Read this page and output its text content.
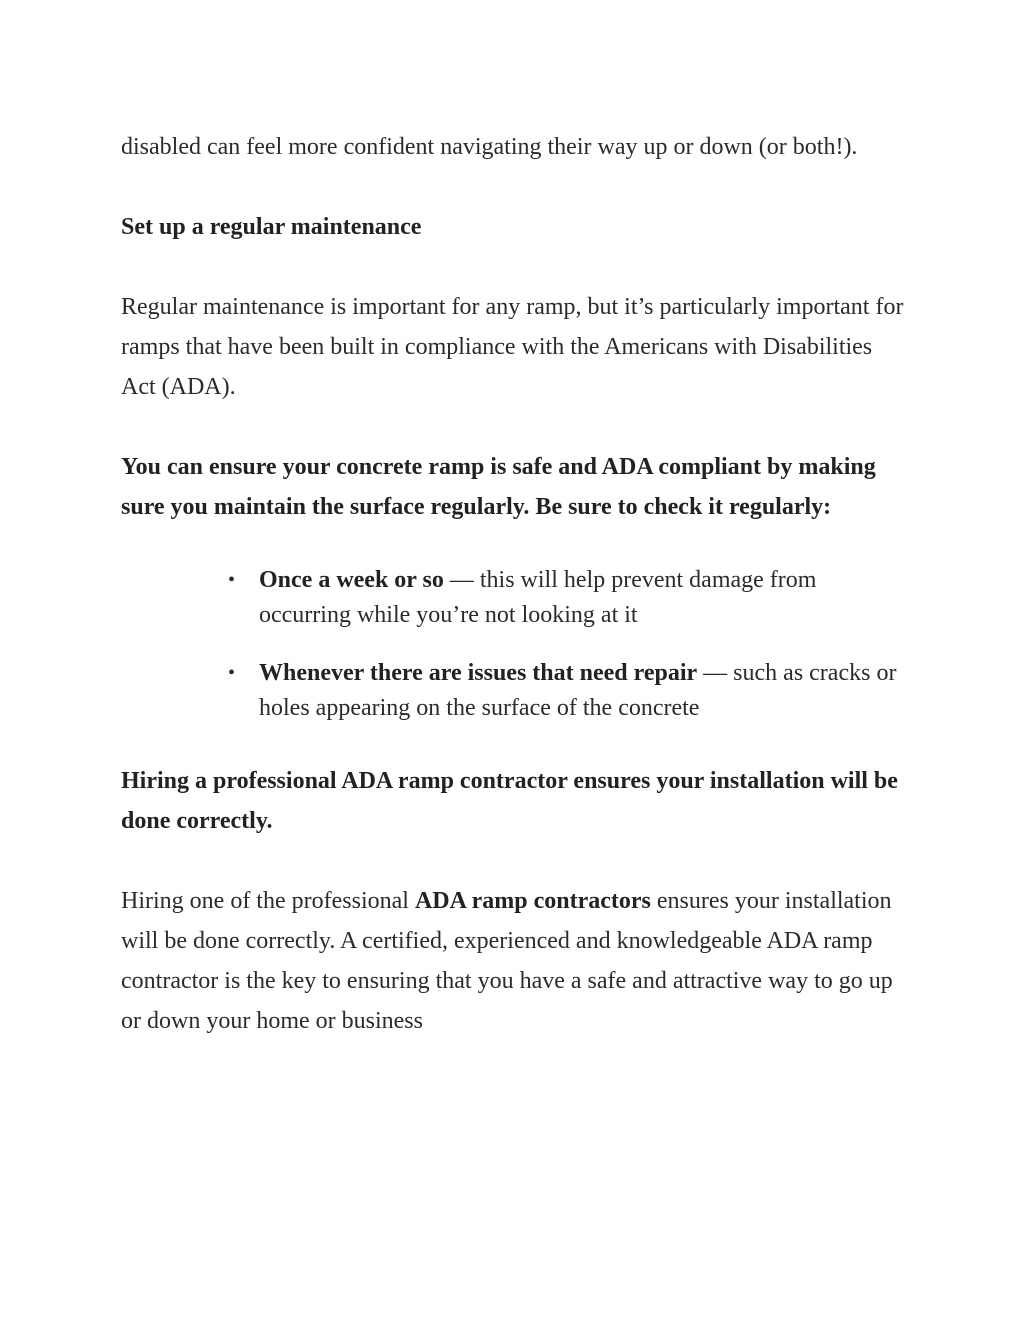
disabled can feel more confident navigating their way up or down (or both!).

Set up a regular maintenance

Regular maintenance is important for any ramp, but it’s particularly important for ramps that have been built in compliance with the Americans with Disabilities Act (ADA).

You can ensure your concrete ramp is safe and ADA compliant by making sure you maintain the surface regularly. Be sure to check it regularly:

• Once a week or so — this will help prevent damage from occurring while you’re not looking at it
• Whenever there are issues that need repair — such as cracks or holes appearing on the surface of the concrete

Hiring a professional ADA ramp contractor ensures your installation will be done correctly.

Hiring one of the professional ADA ramp contractors ensures your installation will be done correctly. A certified, experienced and knowledgeable ADA ramp contractor is the key to ensuring that you have a safe and attractive way to go up or down your home or business
